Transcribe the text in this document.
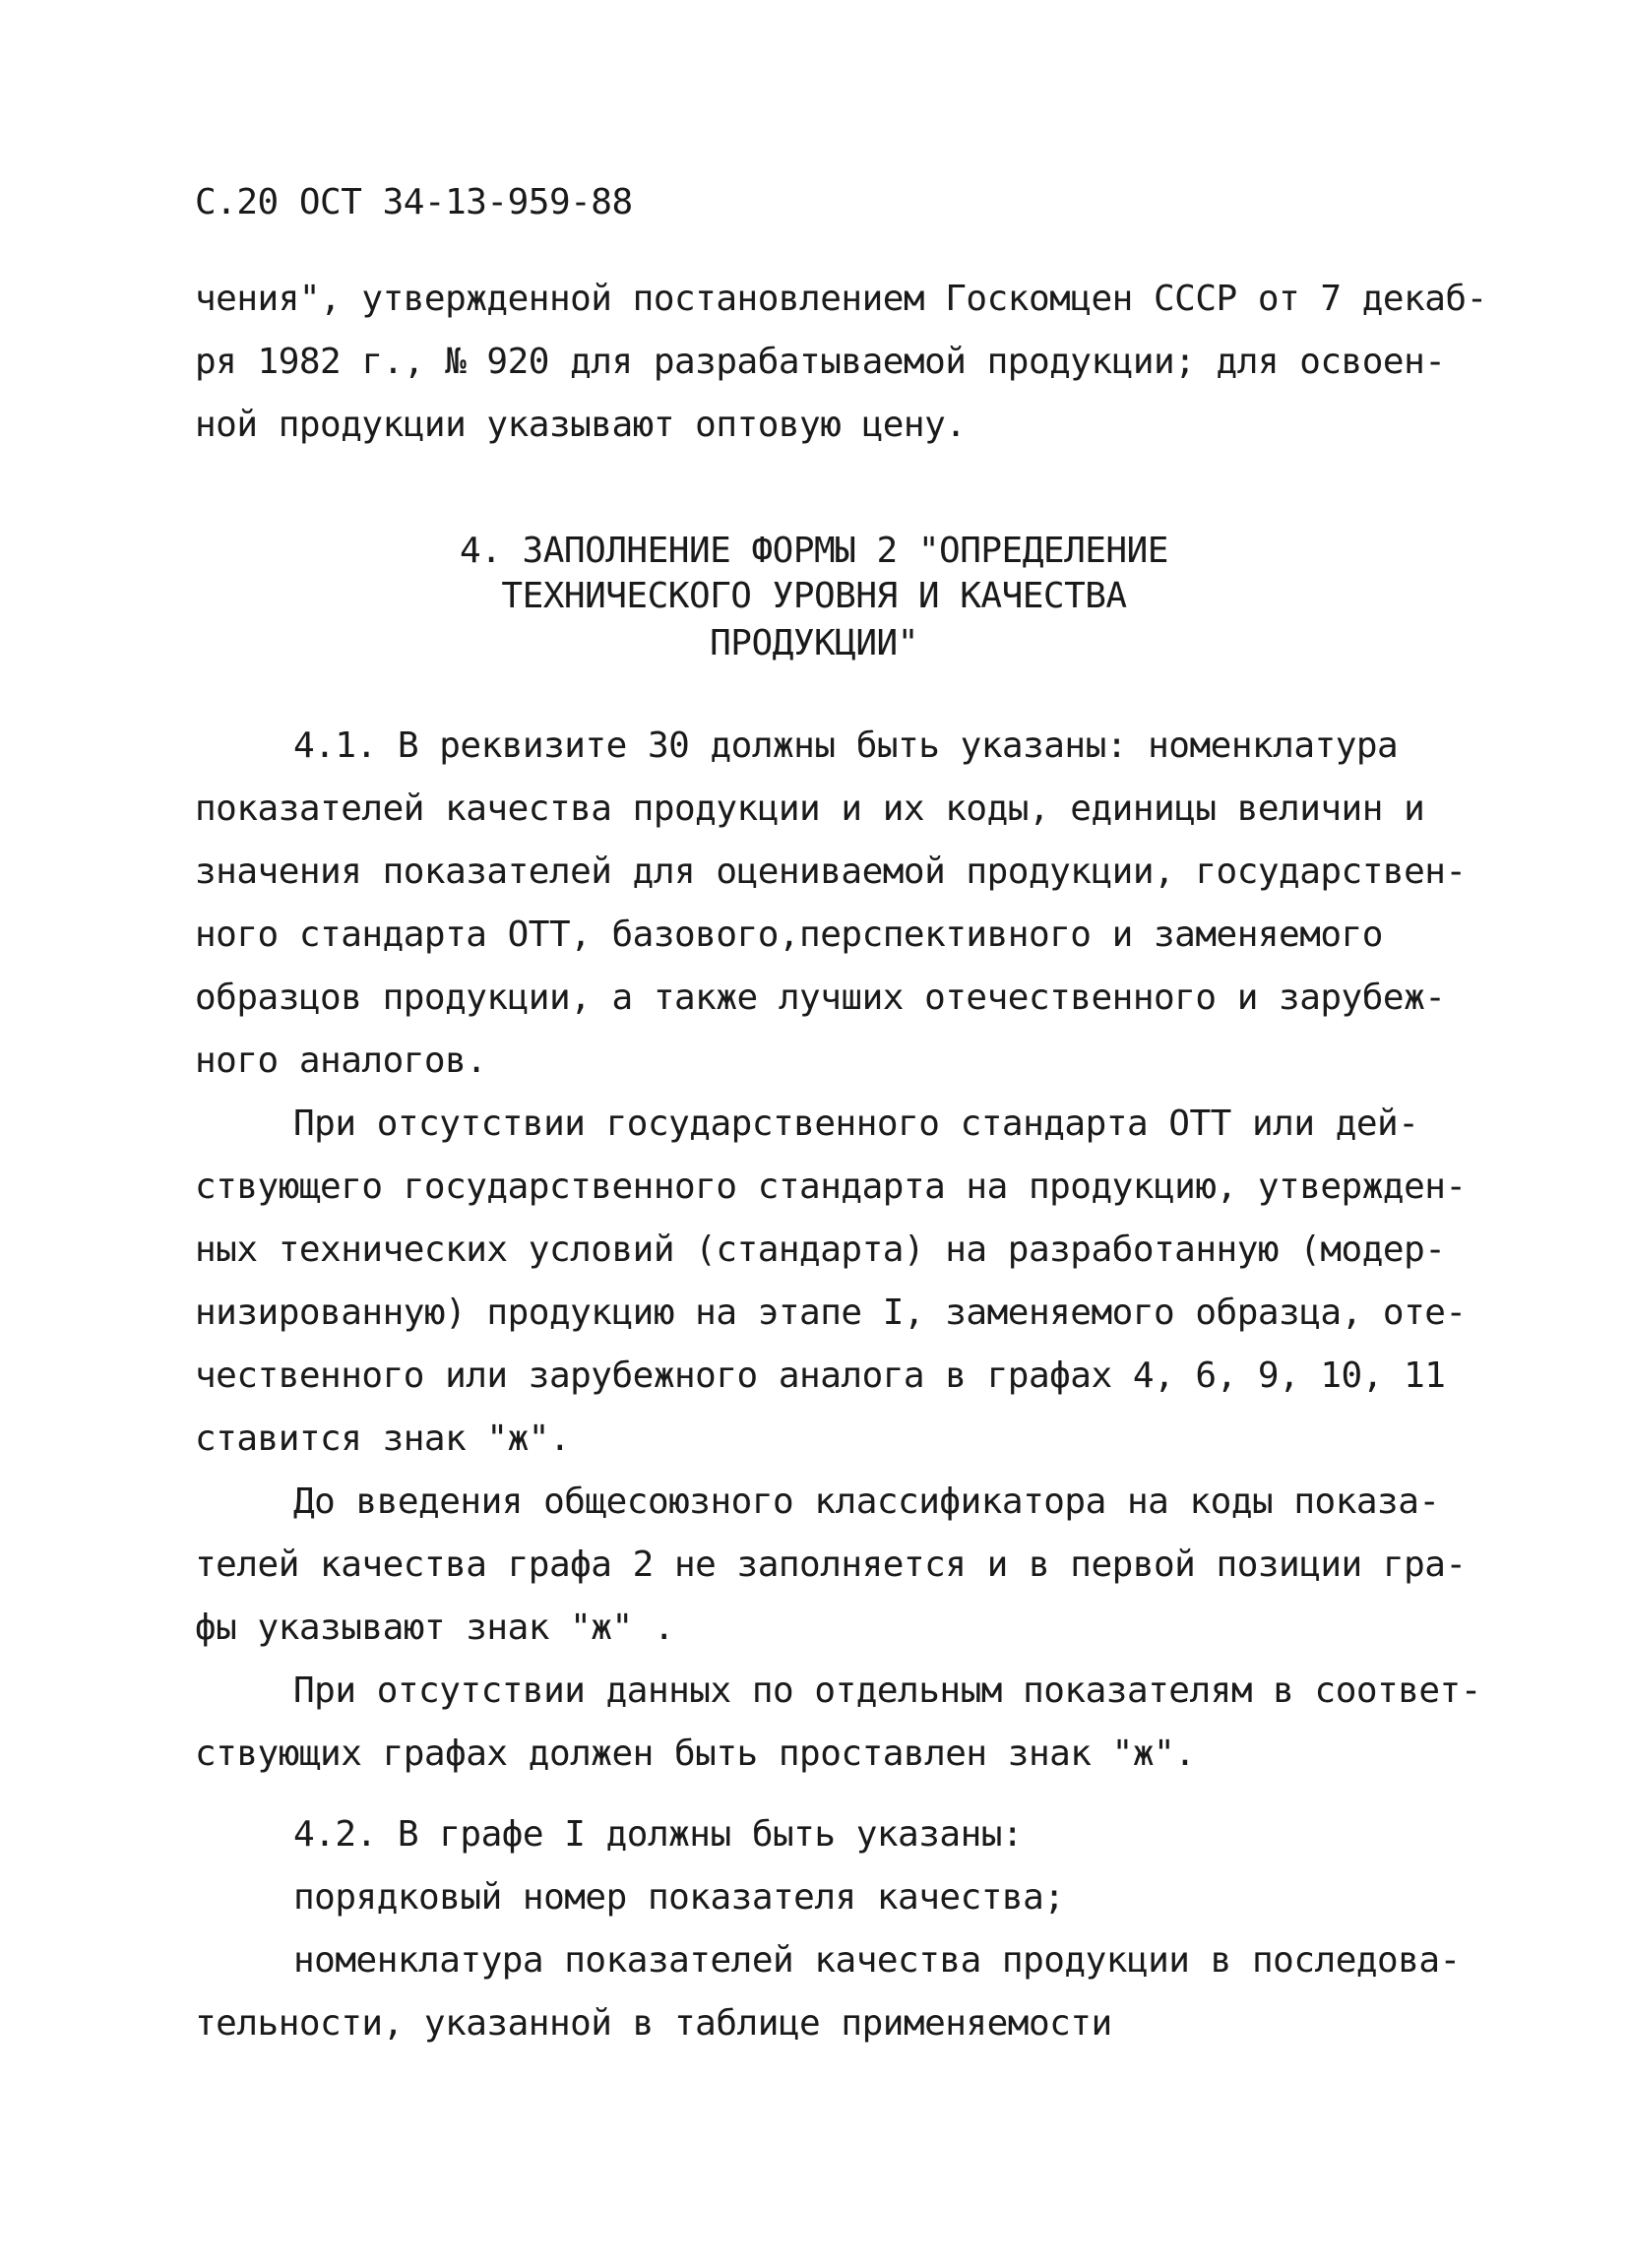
С.20 ОСТ 34-13-959-88
чения", утвержденной постановлением Госкомцен СССР от 7 декаб-
ря 1982 г., № 920 для разрабатываемой продукции; для освоен-
ной продукции указывают оптовую цену.
4. ЗАПОЛНЕНИЕ ФОРМЫ 2 "ОПРЕДЕЛЕНИЕ
ТЕХНИЧЕСКОГО УРОВНЯ И КАЧЕСТВА
ПРОДУКЦИИ"
4.1. В реквизите 30 должны быть указаны: номенклатура
показателей качества продукции и их коды, единицы величин и
значения показателей для оцениваемой продукции, государствен-
ного стандарта ОТТ, базового,перспективного и заменяемого
образцов продукции, а также лучших отечественного и зарубеж-
ного аналогов.
При отсутствии государственного стандарта ОТТ или дей-
ствующего государственного стандарта на продукцию, утвержден-
ных технических условий (стандарта) на разработанную (модер-
низированную) продукцию на этапе I, заменяемого образца, оте-
чественного или зарубежного аналога в графах 4, 6, 9, 10, 11
ставится знак "ж".
До введения общесоюзного классификатора на коды показа-
телей качества графа 2 не заполняется и в первой позиции гра-
фы указывают знак "ж" .
При отсутствии данных по отдельным показателям в соответ-
ствующих графах должен быть проставлен знак "ж".
4.2. В графе I должны быть указаны:
порядковый номер показателя качества;
номенклатура показателей качества продукции в последова-
тельности, указанной в таблице применяемости
